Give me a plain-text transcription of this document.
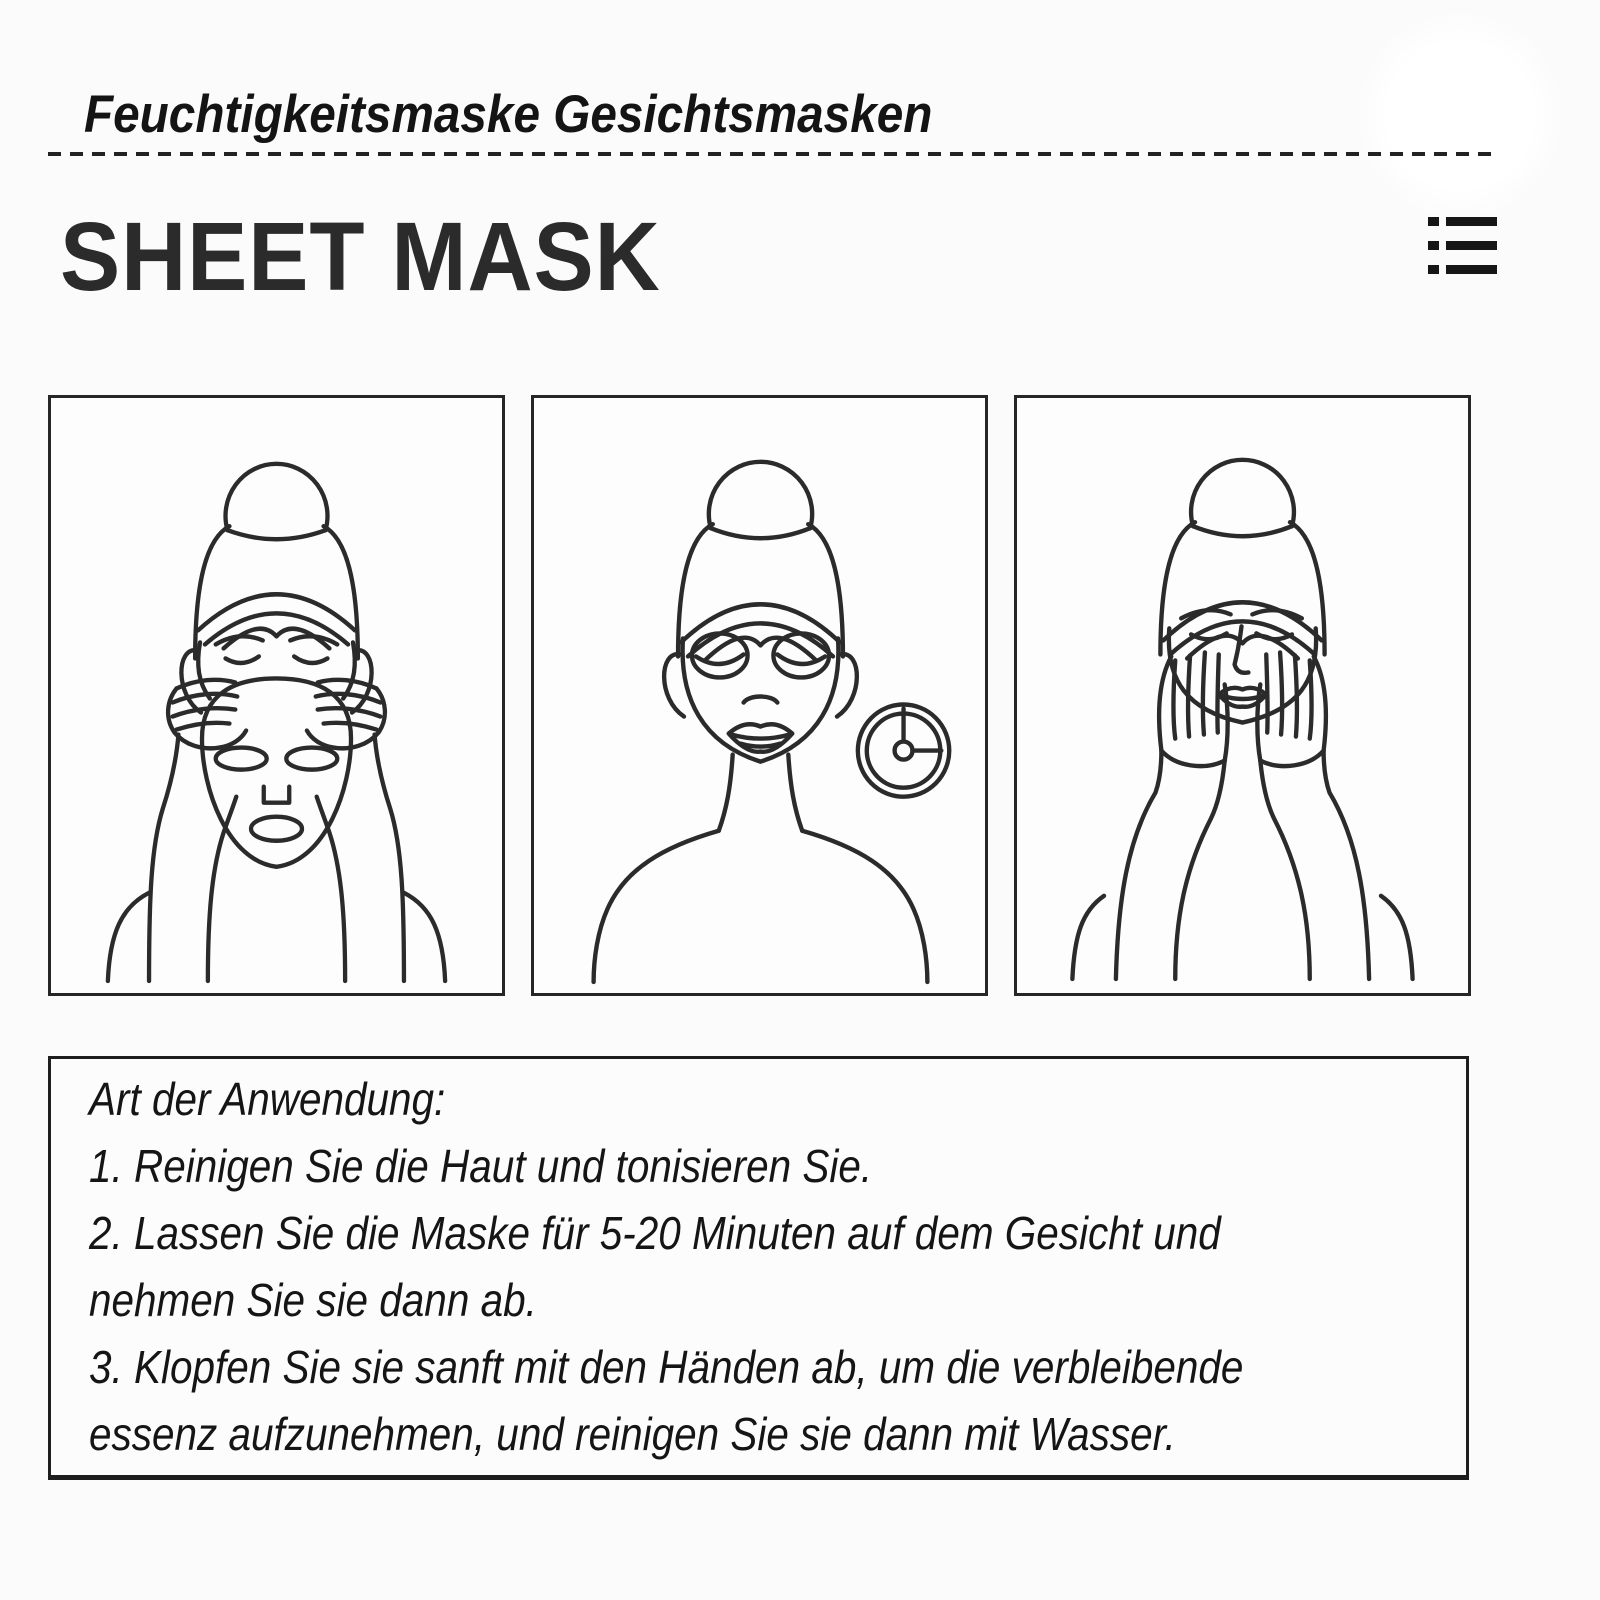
Feuchtigkeitsmaske Gesichtsmasken
SHEET MASK

Art der Anwendung:

1. Reinigen Sie die Haut und tonisieren Sie.

2. Lassen Sie die Maske für 5-20 Minuten auf dem Gesicht und

nehmen Sie sie dann ab.

3. Klopfen Sie sie sanft mit den Händen ab, um die verbleibende

essenz aufzunehmen, und reinigen Sie sie dann mit Wasser.
